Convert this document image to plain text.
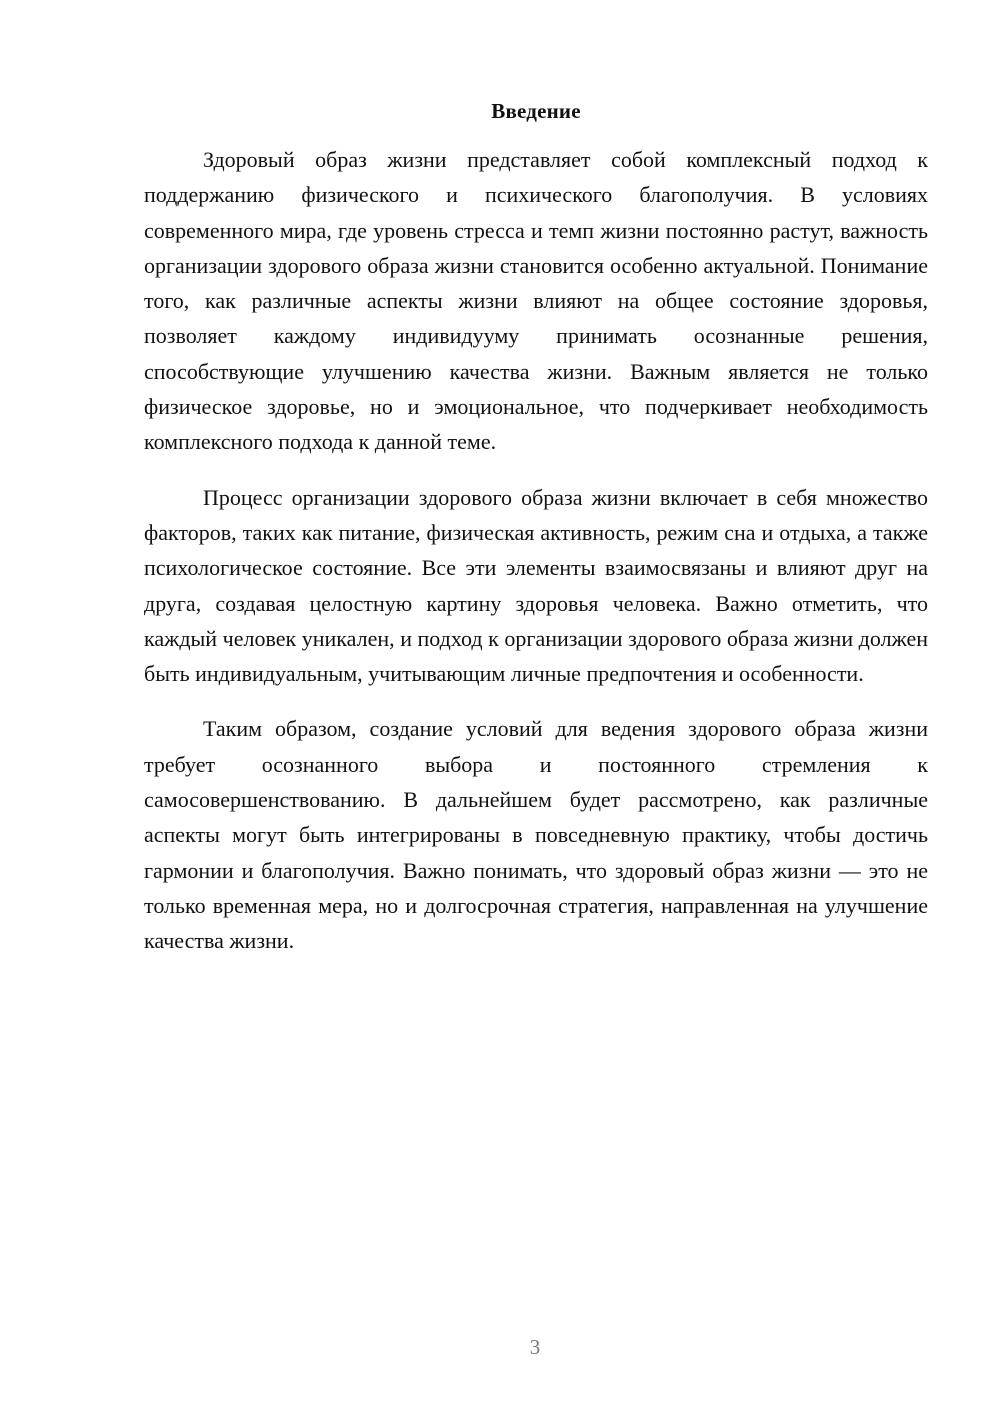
Введение

Здоровый образ жизни представляет собой комплексный подход к поддержанию физического и психического благополучия. В условиях современного мира, где уровень стресса и темп жизни постоянно растут, важность организации здорового образа жизни становится особенно актуальной. Понимание того, как различные аспекты жизни влияют на общее состояние здоровья, позволяет каждому индивидууму принимать осознанные решения, способствующие улучшению качества жизни. Важным является не только физическое здоровье, но и эмоциональное, что подчеркивает необходимость комплексного подхода к данной теме.

Процесс организации здорового образа жизни включает в себя множество факторов, таких как питание, физическая активность, режим сна и отдыха, а также психологическое состояние. Все эти элементы взаимосвязаны и влияют друг на друга, создавая целостную картину здоровья человека. Важно отметить, что каждый человек уникален, и подход к организации здорового образа жизни должен быть индивидуальным, учитывающим личные предпочтения и особенности.

Таким образом, создание условий для ведения здорового образа жизни требует осознанного выбора и постоянного стремления к самосовершенствованию. В дальнейшем будет рассмотрено, как различные аспекты могут быть интегрированы в повседневную практику, чтобы достичь гармонии и благополучия. Важно понимать, что здоровый образ жизни — это не только временная мера, но и долгосрочная стратегия, направленная на улучшение качества жизни.

3
